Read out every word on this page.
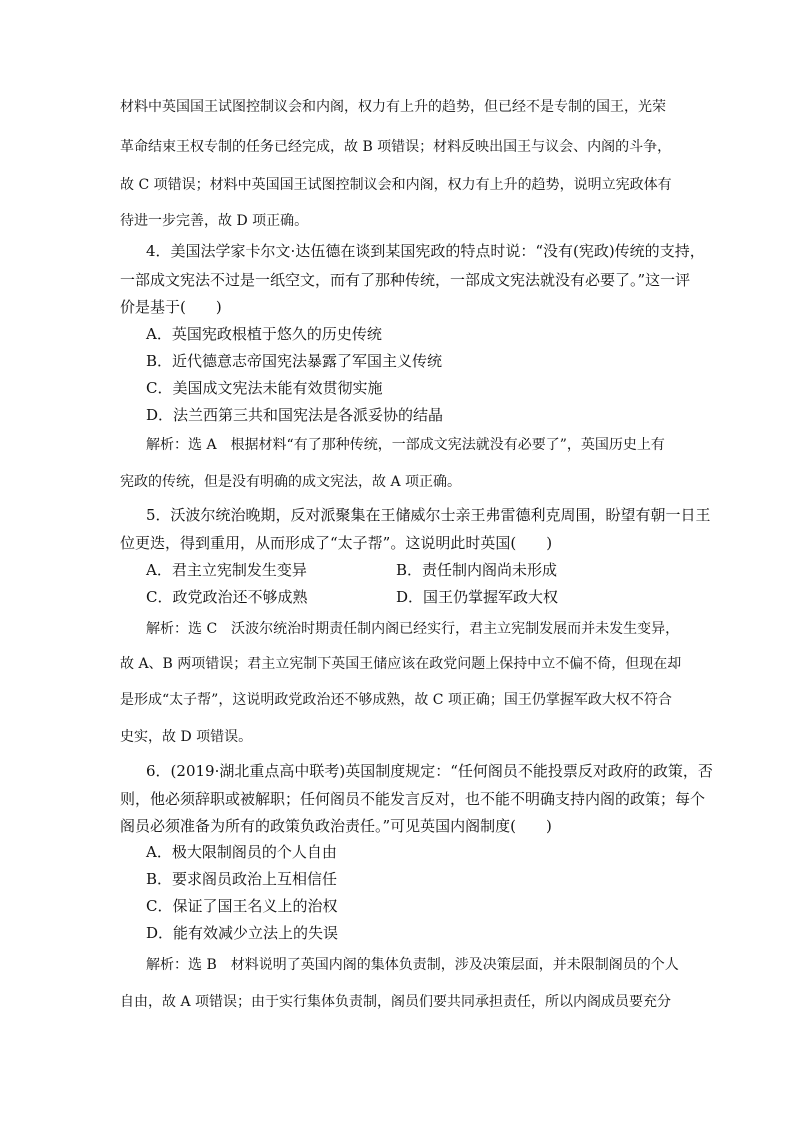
材料中英国国王试图控制议会和内阁，权力有上升的趋势，但已经不是专制的国王，光荣
革命结束王权专制的任务已经完成，故 B 项错误；材料反映出国王与议会、内阁的斗争，
故 C 项错误；材料中英国国王试图控制议会和内阁，权力有上升的趋势，说明立宪政体有
待进一步完善，故 D 项正确。
4．美国法学家卡尔文·达伍德在谈到某国宪政的特点时说：“没有(宪政)传统的支持，
一部成文宪法不过是一纸空文，而有了那种传统，一部成文宪法就没有必要了。”这一评
价是基于(　　)
A．英国宪政根植于悠久的历史传统
B．近代德意志帝国宪法暴露了军国主义传统
C．美国成文宪法未能有效贯彻实施
D．法兰西第三共和国宪法是各派妥协的结晶
解析：选 A　根据材料“有了那种传统，一部成文宪法就没有必要了”，英国历史上有
宪政的传统，但是没有明确的成文宪法，故 A 项正确。
5．沃波尔统治晚期，反对派聚集在王储威尔士亲王弗雷德利克周围，盼望有朝一日王
位更迭，得到重用，从而形成了“太子帮”。这说明此时英国(　　)
A．君主立宪制发生变异	B．责任制内阁尚未形成
C．政党政治还不够成熟	D．国王仍掌握军政大权
解析：选 C　沃波尔统治时期责任制内阁已经实行，君主立宪制发展而并未发生变异，
故 A、B 两项错误；君主立宪制下英国王储应该在政党问题上保持中立不偏不倚，但现在却
是形成“太子帮”，这说明政党政治还不够成熟，故 C 项正确；国王仍掌握军政大权不符合
史实，故 D 项错误。
6．(2019·湖北重点高中联考)英国制度规定：“任何阁员不能投票反对政府的政策，否
则，他必须辞职或被解职；任何阁员不能发言反对，也不能不明确支持内阁的政策；每个
阁员必须准备为所有的政策负政治责任。”可见英国内阁制度(　　)
A．极大限制阁员的个人自由
B．要求阁员政治上互相信任
C．保证了国王名义上的治权
D．能有效减少立法上的失误
解析：选 B　材料说明了英国内阁的集体负责制，涉及决策层面，并未限制阁员的个人
自由，故 A 项错误；由于实行集体负责制，阁员们要共同承担责任，所以内阁成员要充分
